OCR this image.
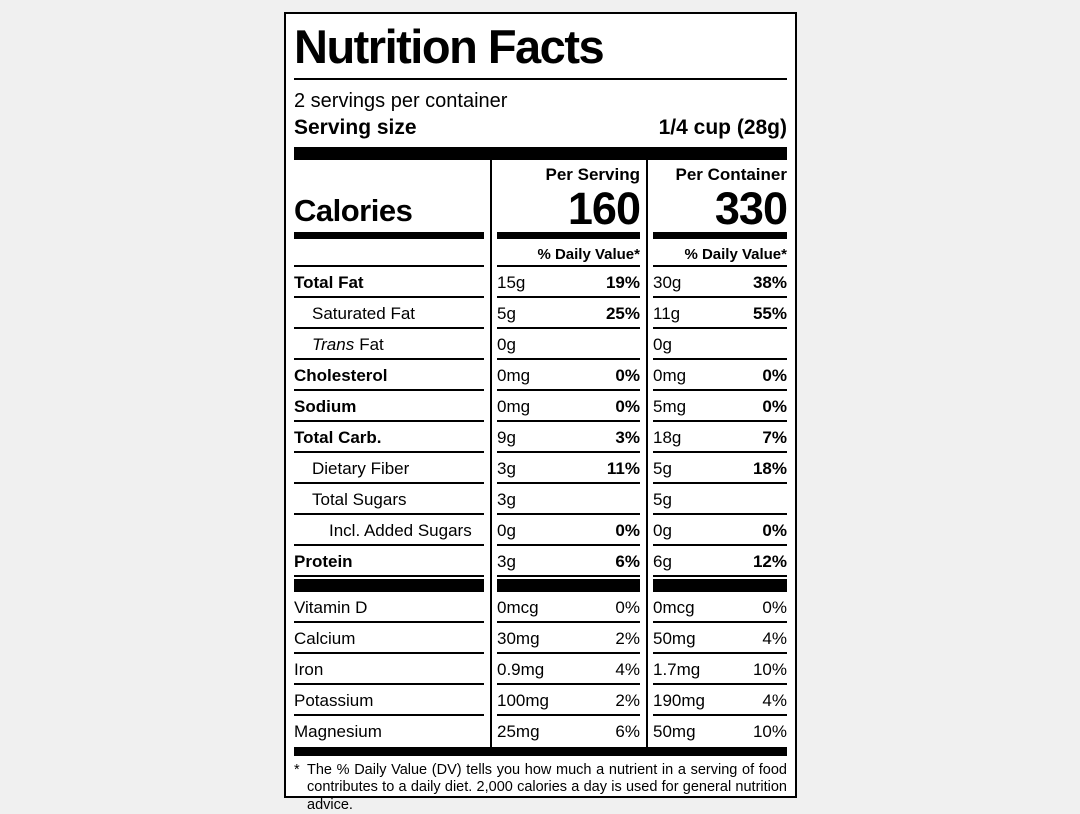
Nutrition Facts
2 servings per container
Serving size	1/4 cup (28g)
Calories
Per Serving
160
Per Container
330
% Daily Value*	% Daily Value*
Total Fat	15g	19% 30g	38%
Saturated Fat	5g	25% 11g	55%
Trans Fat	0g	0g
Cholesterol	0mg	0% 0mg	0%
Sodium	0mg	0% 5mg	0%
Total Carb.	9g	3% 18g	7%
Dietary Fiber	3g	11% 5g	18%
Total Sugars	3g	5g
Incl. Added Sugars	0g	0% 0g	0%
Protein	3g	6% 6g	12%
Vitamin D	0mcg	0% 0mcg	0%
Calcium	30mg	2% 50mg	4%
Iron	0.9mg	4% 1.7mg	10%
Potassium	100mg	2% 190mg	4%
Magnesium	25mg	6% 50mg	10%
* The % Daily Value (DV) tells you how much a nutrient in a serving of food contributes to a daily diet. 2,000 calories a day is used for general nutrition advice.
